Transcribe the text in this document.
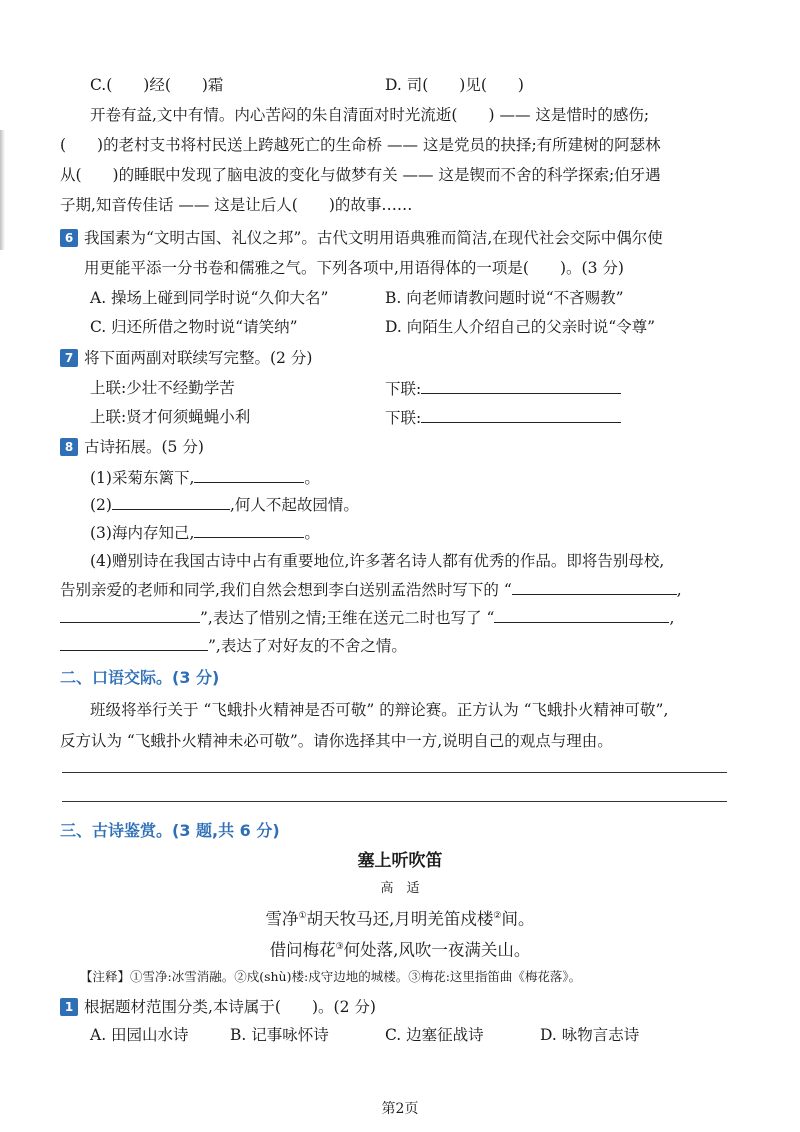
C.(　　)经(　　)霜	D. 司(　　)见(　　)
开卷有益,文中有情。内心苦闷的朱自清面对时光流逝(　　) —— 这是惜时的感伤;
(　　)的老村支书将村民送上跨越死亡的生命桥 —— 这是党员的抉择;有所建树的阿瑟林
从(　　)的睡眠中发现了脑电波的变化与做梦有关 —— 这是锲而不舍的科学探索;伯牙遇
子期,知音传佳话 —— 这是让后人(　　)的故事……
6 我国素为“文明古国、礼仪之邦”。古代文明用语典雅而简洁,在现代社会交际中偶尔使
用更能平添一分书卷和儒雅之气。下列各项中,用语得体的一项是(　　)。(3 分)
A. 操场上碰到同学时说“久仰大名”	B. 向老师请教问题时说“不吝赐教”
C. 归还所借之物时说“请笑纳”	D. 向陌生人介绍自己的父亲时说“令尊”
7 将下面两副对联续写完整。(2 分)
上联:少壮不经勤学苦	下联:
上联:贤才何须蝇蝇小利	下联:
8 古诗拓展。(5 分)
(1)采菊东篱下,	。
(2)	,何人不起故园情。
(3)海内存知己,	。
(4)赠别诗在我国古诗中占有重要地位,许多著名诗人都有优秀的作品。即将告别母校,
告别亲爱的老师和同学,我们自然会想到李白送别孟浩然时写下的 “	,
”,表达了惜别之情;王维在送元二时也写了 “	,
”,表达了对好友的不舍之情。
二、口语交际。(3 分)
班级将举行关于 “飞蛾扑火精神是否可敬” 的辩论赛。正方认为 “飞蛾扑火精神可敬”,
反方认为 “飞蛾扑火精神未必可敬”。请你选择其中一方,说明自己的观点与理由。
三、古诗鉴赏。(3 题,共 6 分)
塞上听吹笛
高　适
雪净①胡天牧马还,月明羌笛戍楼②间。
借问梅花③何处落,风吹一夜满关山。
【注释】①雪净:冰雪消融。②戍(shù)楼:戍守边地的城楼。③梅花:这里指笛曲《梅花落》。
1 根据题材范围分类,本诗属于(　　)。(2 分)
A. 田园山水诗	B. 记事咏怀诗	C. 边塞征战诗	D. 咏物言志诗
第2页
